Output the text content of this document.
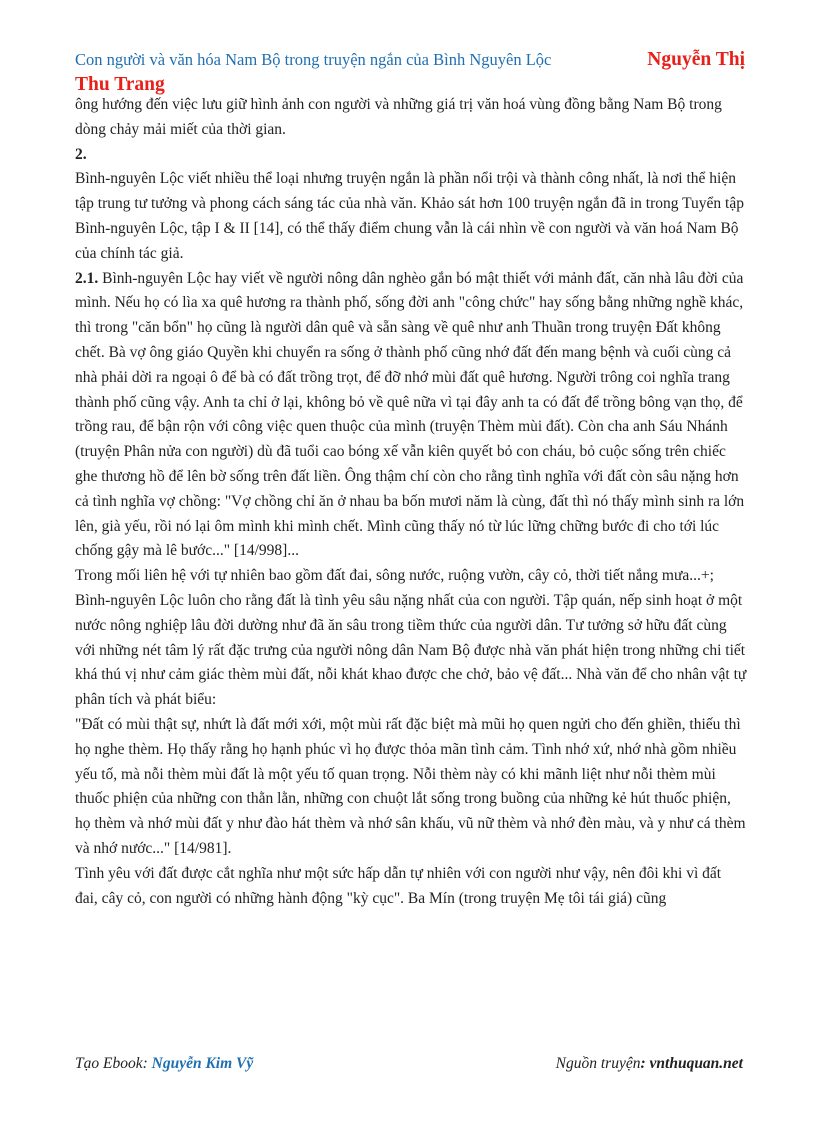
Con người và văn hóa Nam Bộ trong truyện ngắn của Bình Nguyên Lộc	Nguyễn Thị
Thu Trang

ông hướng đến việc lưu giữ hình ảnh con người và những giá trị văn hoá vùng đồng bằng Nam Bộ trong dòng chảy mải miết của thời gian.

2.

Bình-nguyên Lộc viết nhiều thể loại nhưng truyện ngắn là phần nổi trội và thành công nhất, là nơi thể hiện tập trung tư tưởng và phong cách sáng tác của nhà văn. Khảo sát hơn 100 truyện ngắn đã in trong Tuyển tập Bình-nguyên Lộc, tập I & II [14], có thể thấy điểm chung vẫn là cái nhìn về con người và văn hoá Nam Bộ của chính tác giả.

2.1. Bình-nguyên Lộc hay viết về người nông dân nghèo gắn bó mật thiết với mảnh đất, căn nhà lâu đời của mình. Nếu họ có lìa xa quê hương ra thành phố, sống đời anh "công chức" hay sống bằng những nghề khác, thì trong "căn bổn" họ cũng là người dân quê và sẵn sàng về quê như anh Thuần trong truyện Đất không chết. Bà vợ ông giáo Quyền khi chuyển ra sống ở thành phố cũng nhớ đất đến mang bệnh và cuối cùng cả nhà phải dời ra ngoại ô để bà có đất trồng trọt, để đỡ nhớ mùi đất quê hương. Người trông coi nghĩa trang thành phố cũng vậy. Anh ta chỉ ở lại, không bỏ về quê nữa vì tại đây anh ta có đất để trồng bông vạn thọ, để trồng rau, để bận rộn với công việc quen thuộc của mình (truyện Thèm mùi đất). Còn cha anh Sáu Nhánh (truyện Phân nửa con người) dù đã tuổi cao bóng xế vẫn kiên quyết bỏ con cháu, bỏ cuộc sống trên chiếc ghe thương hồ để lên bờ sống trên đất liền. Ông thậm chí còn cho rằng tình nghĩa với đất còn sâu nặng hơn cả tình nghĩa vợ chồng: "Vợ chồng chỉ ăn ở nhau ba bốn mươi năm là cùng, đất thì nó thấy mình sinh ra lớn lên, già yếu, rồi nó lại ôm mình khi mình chết. Mình cũng thấy nó từ lúc lững chững bước đi cho tới lúc chống gậy mà lê bước..." [14/998]...

Trong mối liên hệ với tự nhiên bao gồm đất đai, sông nước, ruộng vườn, cây cỏ, thời tiết nắng mưa...+; Bình-nguyên Lộc luôn cho rằng đất là tình yêu sâu nặng nhất của con người. Tập quán, nếp sinh hoạt ở một nước nông nghiệp lâu đời dường như đã ăn sâu trong tiềm thức của người dân. Tư tưởng sở hữu đất cùng với những nét tâm lý rất đặc trưng của người nông dân Nam Bộ được nhà văn phát hiện trong những chi tiết khá thú vị như cảm giác thèm mùi đất, nỗi khát khao được che chở, bảo vệ đất... Nhà văn để cho nhân vật tự phân tích và phát biểu:

"Đất có mùi thật sự, nhứt là đất mới xới, một mùi rất đặc biệt mà mũi họ quen ngửi cho đến ghiền, thiếu thì họ nghe thèm. Họ thấy rằng họ hạnh phúc vì họ được thỏa mãn tình cảm. Tình nhớ xứ, nhớ nhà gồm nhiều yếu tố, mà nỗi thèm mùi đất là một yếu tố quan trọng. Nỗi thèm này có khi mãnh liệt như nỗi thèm mùi thuốc phiện của những con thằn lằn, những con chuột lắt sống trong buồng của những kẻ hút thuốc phiện, họ thèm và nhớ mùi đất y như đào hát thèm và nhớ sân khấu, vũ nữ thèm và nhớ đèn màu, và y như cá thèm và nhớ nước..." [14/981].

Tình yêu với đất được cắt nghĩa như một sức hấp dẫn tự nhiên với con người như vậy, nên đôi khi vì đất đai, cây cỏ, con người có những hành động "kỳ cục". Ba Mín (trong truyện Mẹ tôi tái giá) cũng

Tạo Ebook: Nguyễn Kim Vỹ	Nguồn truyện: vnthuquan.net
